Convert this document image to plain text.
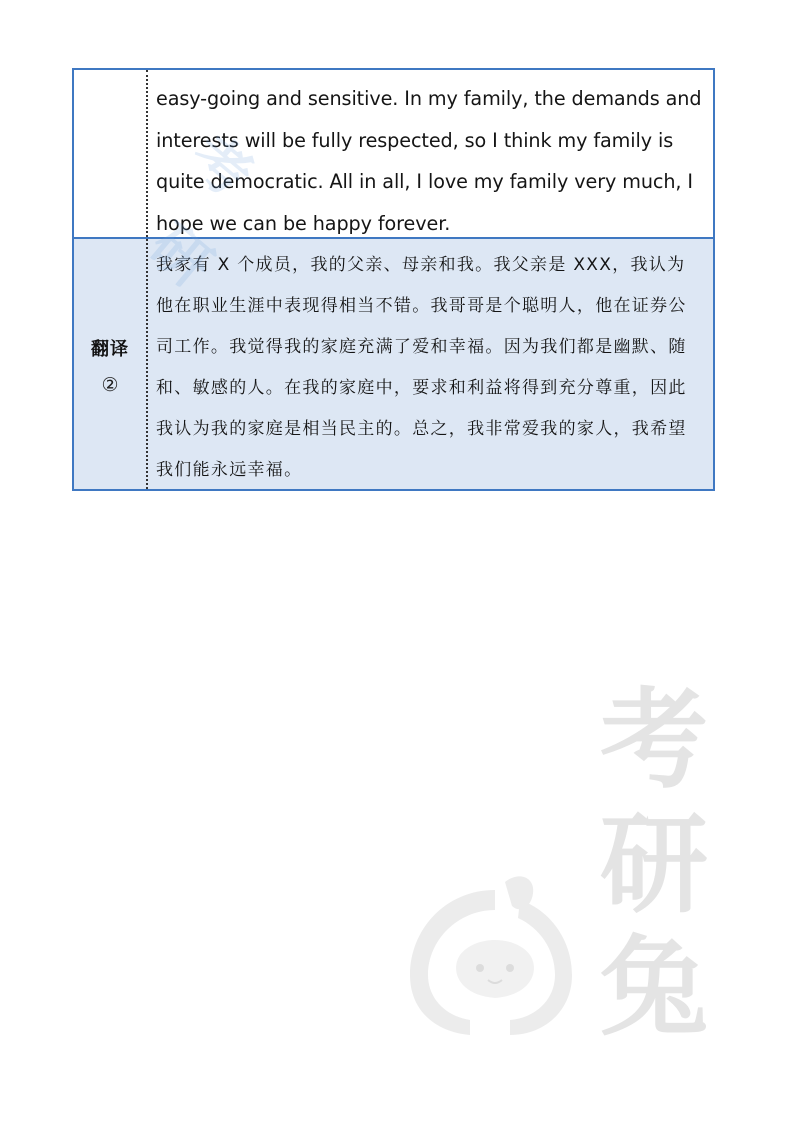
easy-going and sensitive. In my family, the demands and
interests will be fully respected, so I think my family is
quite democratic. All in all, I love my family very much, I
hope we can be happy forever.
翻译
②
我家有 X 个成员，我的父亲、母亲和我。我父亲是 XXX，我认为
他在职业生涯中表现得相当不错。我哥哥是个聪明人，他在证券公
司工作。我觉得我的家庭充满了爱和幸福。因为我们都是幽默、随
和、敏感的人。在我的家庭中，要求和利益将得到充分尊重，因此
我认为我的家庭是相当民主的。总之，我非常爱我的家人，我希望
我们能永远幸福。
考
研
兔
